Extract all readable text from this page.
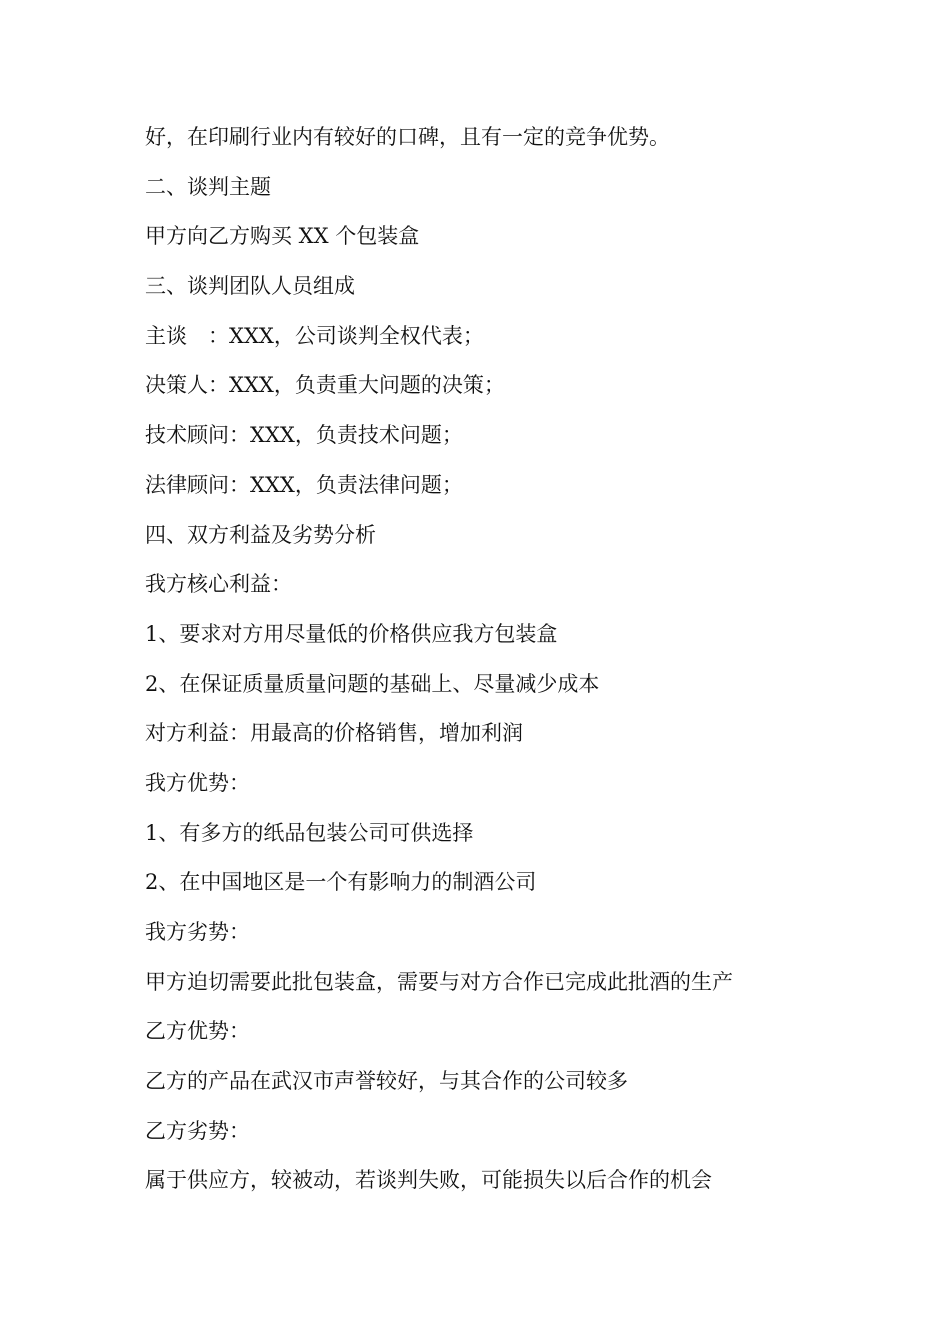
好，在印刷行业内有较好的口碑，且有一定的竞争优势。

二、谈判主题

甲方向乙方购买 XX 个包装盒

三、谈判团队人员组成

主谈　：XXX，公司谈判全权代表；

决策人：XXX，负责重大问题的决策；

技术顾问：XXX，负责技术问题；

法律顾问：XXX，负责法律问题；

四、双方利益及劣势分析

我方核心利益：

1、要求对方用尽量低的价格供应我方包装盒

2、在保证质量质量问题的基础上、尽量减少成本

对方利益：用最高的价格销售，增加利润

我方优势：

1、有多方的纸品包装公司可供选择

2、在中国地区是一个有影响力的制酒公司

我方劣势：

甲方迫切需要此批包装盒，需要与对方合作已完成此批酒的生产

乙方优势：

乙方的产品在武汉市声誉较好，与其合作的公司较多

乙方劣势：

属于供应方，较被动，若谈判失败，可能损失以后合作的机会
